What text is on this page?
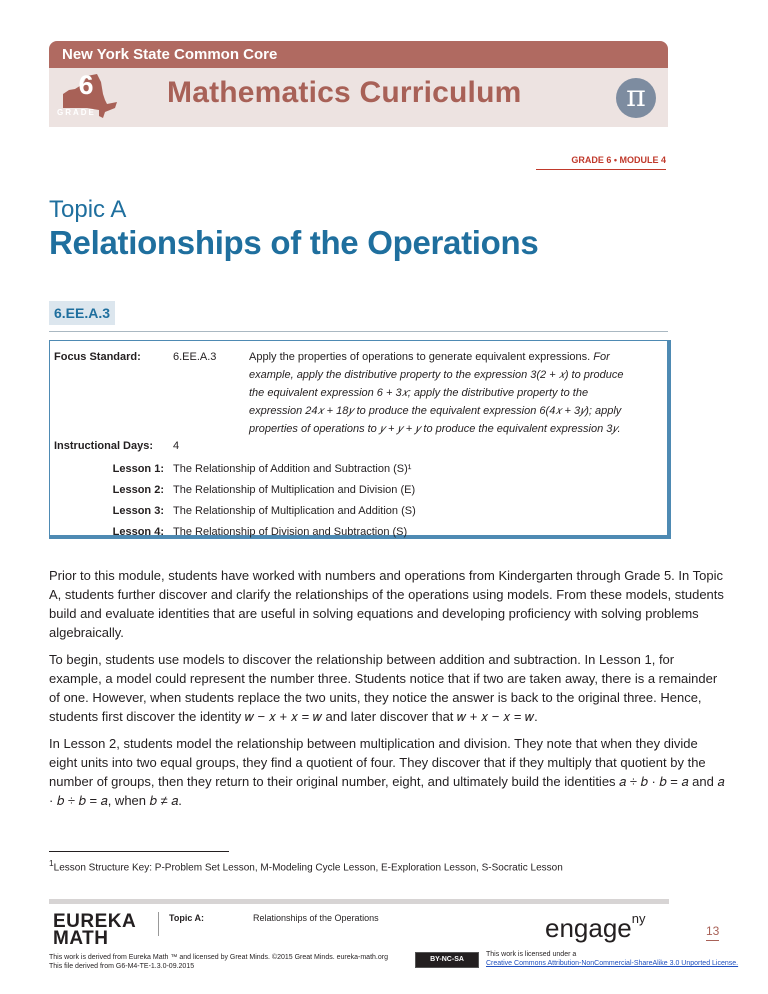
New York State Common Core
6
GRADE
Mathematics Curriculum	π
GRADE 6 • MODULE 4
Topic A
Relationships of the Operations
6.EE.A.3
Focus Standard:	6.EE.A.3	Apply the properties of operations to generate equivalent expressions. For
example, apply the distributive property to the expression 3(2 + 𝑥) to produce
the equivalent expression 6 + 3𝑥; apply the distributive property to the
expression 24𝑥 + 18𝑦 to produce the equivalent expression 6(4𝑥 + 3𝑦); apply
properties of operations to 𝑦 + 𝑦 + 𝑦 to produce the equivalent expression 3𝑦.
Instructional Days: 4
Lesson 1: The Relationship of Addition and Subtraction (S)¹
Lesson 2: The Relationship of Multiplication and Division (E)
Lesson 3: The Relationship of Multiplication and Addition (S)
Lesson 4: The Relationship of Division and Subtraction (S)

Prior to this module, students have worked with numbers and operations from Kindergarten through Grade 5. In Topic A, students further discover and clarify the relationships of the operations using models. From these models, students build and evaluate identities that are useful in solving equations and developing proficiency with solving problems algebraically.

To begin, students use models to discover the relationship between addition and subtraction. In Lesson 1, for example, a model could represent the number three. Students notice that if two are taken away, there is a remainder of one. However, when students replace the two units, they notice the answer is back to the original three. Hence, students first discover the identity 𝑤 − 𝑥 + 𝑥 = 𝑤 and later discover that 𝑤 + 𝑥 − 𝑥 = 𝑤.

In Lesson 2, students model the relationship between multiplication and division. They note that when they divide eight units into two equal groups, they find a quotient of four. They discover that if they multiply that quotient by the number of groups, then they return to their original number, eight, and ultimately build the identities 𝑎 ÷ 𝑏 · 𝑏 = 𝑎 and 𝑎 · 𝑏 ÷ 𝑏 = 𝑎, when 𝑏 ≠ 𝑎.

$^1$Lesson Structure Key: P-Problem Set Lesson, M-Modeling Cycle Lesson, E-Exploration Lesson, S-Socratic Lesson
EUREKA
MATH
Topic A:	Relationships of the Operations	engage$^{ny}$
13
This work is derived from Eureka Math ™ and licensed by Great Minds. ©2015 Great Minds. eureka-math.org
This file derived from G6-M4-TE-1.3.0-09.2015
BY-NC-SA
This work is licensed under a
Creative Commons Attribution-NonCommercial-ShareAlike 3.0 Unported License.
